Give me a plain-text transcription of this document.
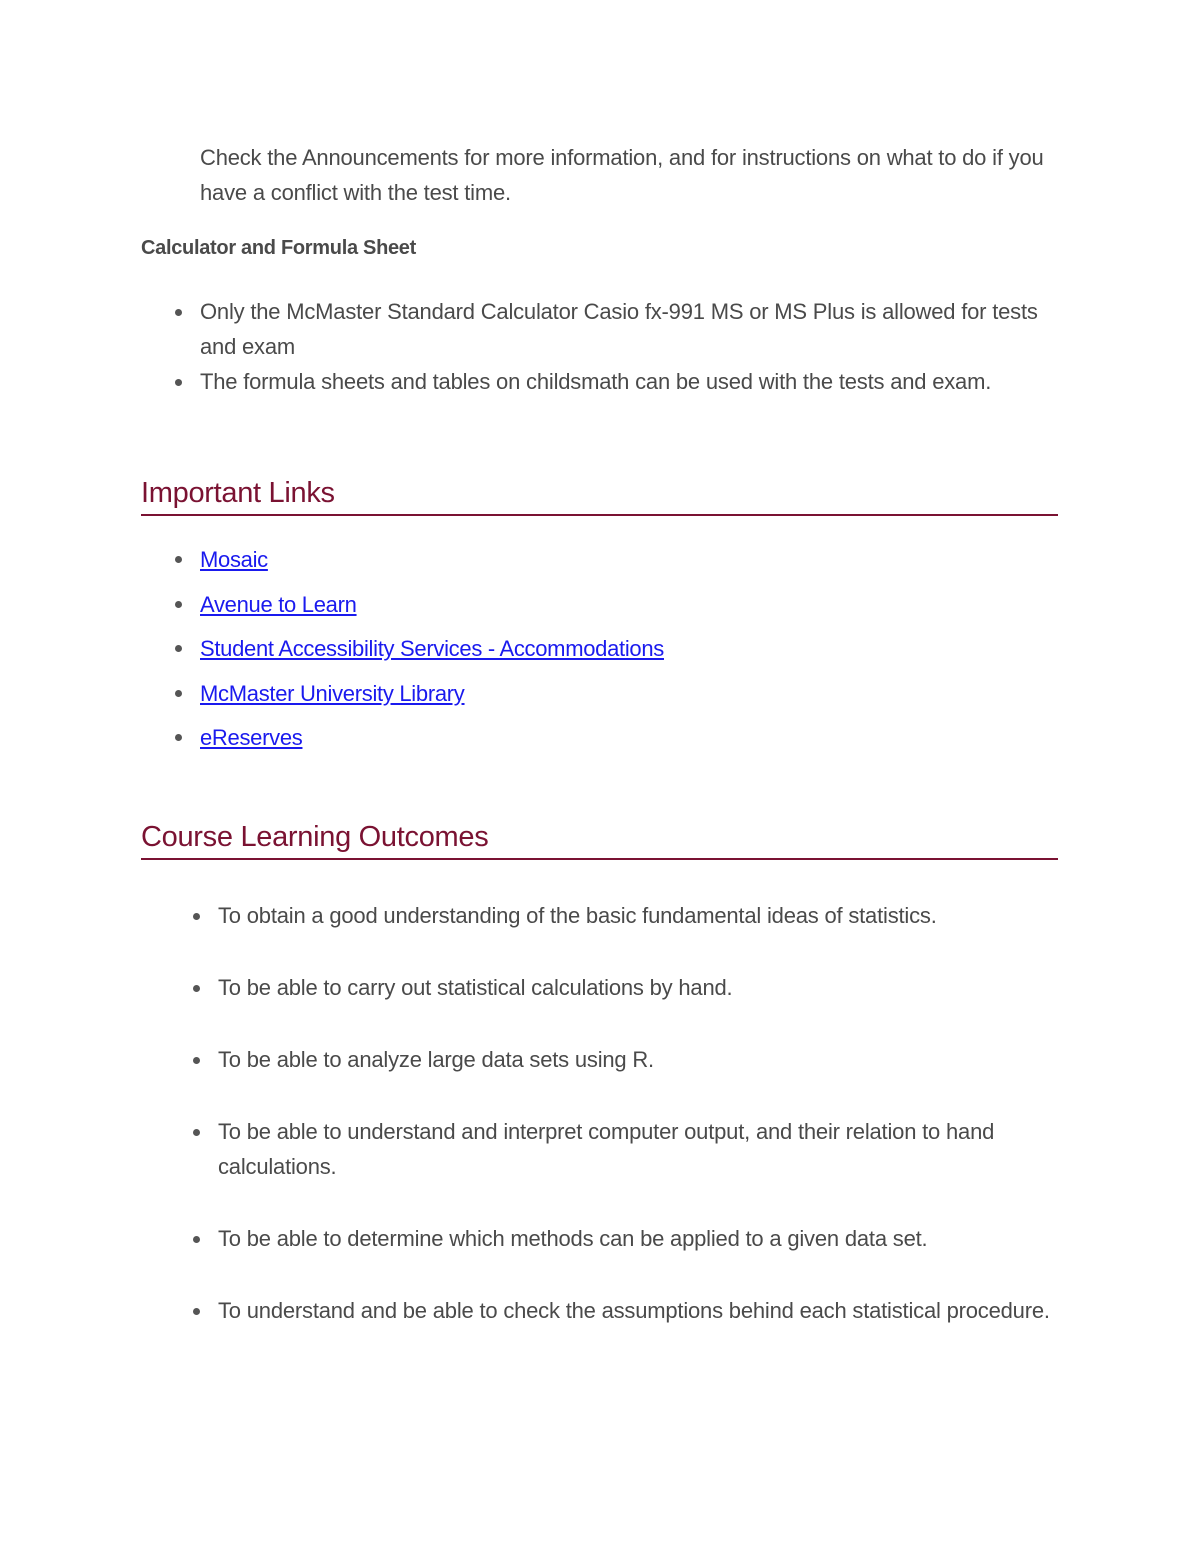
Check the Announcements for more information, and for instructions on what to do if you have a conflict with the test time.

Calculator and Formula Sheet

Only the McMaster Standard Calculator Casio fx-991 MS or MS Plus is allowed for tests and exam
The formula sheets and tables on childsmath can be used with the tests and exam.
Important Links
Mosaic
Avenue to Learn
Student Accessibility Services - Accommodations
McMaster University Library
eReserves
Course Learning Outcomes
To obtain a good understanding of the basic fundamental ideas of statistics.
To be able to carry out statistical calculations by hand.
To be able to analyze large data sets using R.
To be able to understand and interpret computer output, and their relation to hand calculations.
To be able to determine which methods can be applied to a given data set.
To understand and be able to check the assumptions behind each statistical procedure.
